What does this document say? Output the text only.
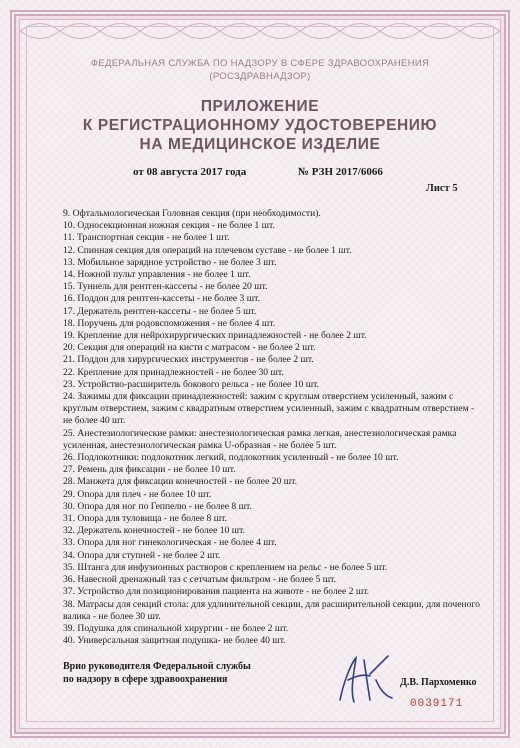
ФЕДЕРАЛЬНАЯ СЛУЖБА ПО НАДЗОРУ В СФЕРЕ ЗДРАВООХРАНЕНИЯ
(РОСЗДРАВНАДЗОР)
ПРИЛОЖЕНИЕ
К РЕГИСТРАЦИОННОМУ УДОСТОВЕРЕНИЮ
НА МЕДИЦИНСКОЕ ИЗДЕЛИЕ
от 08 августа 2017 года	№ РЗН 2017/6066
Лист 5
9. Офтальмологическая Головная секция (при необходимости).
10. Односекционная ножная секция - не более 1 шт.
11. Транспортная секция - не более 1 шт.
12. Спинная секция для операций на плечевом суставе - не более 1 шт.
13. Мобильное зарядное устройство - не более 3 шт.
14. Ножной пульт управления - не более 1 шт.
15. Туннель для рентген-кассеты - не более 20 шт.
16. Поддон для рентген-кассеты - не более 3 шт.
17. Держатель рентген-кассеты - не более 5 шт.
18. Поручень для родовспоможения - не более 4 шт.
19. Крепление для нейрохирургических принадлежностей - не более 2 шт.
20. Секция для операций на кисти с матрасом - не более 2 шт.
21. Поддон для хирургических инструментов - не более 2 шт.
22. Крепление для принадлежностей - не более 30 шт.
23. Устройство-расширитель бокового рельса - не более 10 шт.
24. Зажимы для фиксации принадлежностей: зажим с круглым отверстием усиленный, зажим с круглым отверстием, зажим с квадратным отверстием усиленный, зажим с квадратным отверстием - не более 40 шт.
25. Анестезиологические рамки: анестезиологическая рамка легкая, анестезиологическая рамка усиленная, анестезиологическая рамка U-образная - не более 5 шт.
26. Подлокотники: подлокотник легкий, подлокотник усиленный - не более 10 шт.
27. Ремень для фиксации - не более 10 шт.
28. Манжета для фиксации конечностей - не более 20 шт.
29. Опора для плеч - не более 10 шт.
30. Опора для ног по Геппелю - не более 8 шт.
31. Опора для туловища - не более 8 шт.
32. Держатель конечностей - не более 10 шт.
33. Опора для ног гинекологическая - не более 4 шт.
34. Опора для ступней - не более 2 шт.
35. Штанга для инфузионных растворов с креплением на рельс - не более 5 шт.
36. Навесной дренажный таз с сетчатым фильтром - не более 5 шт.
37. Устройство для позиционирования пациента на животе - не более 2 шт.
38. Матрасы для секций стола: для удлинительной секции, для расширительной секции, для поченого валика - не более 30 шт.
39. Подушка для спинальной хирургии - не более 2 шт.
40. Универсальная защитная подушка- не более 40 шт.
Врио руководителя Федеральной службы
по надзору в сфере здравоохранения	Д.В. Пархоменко
0039171
